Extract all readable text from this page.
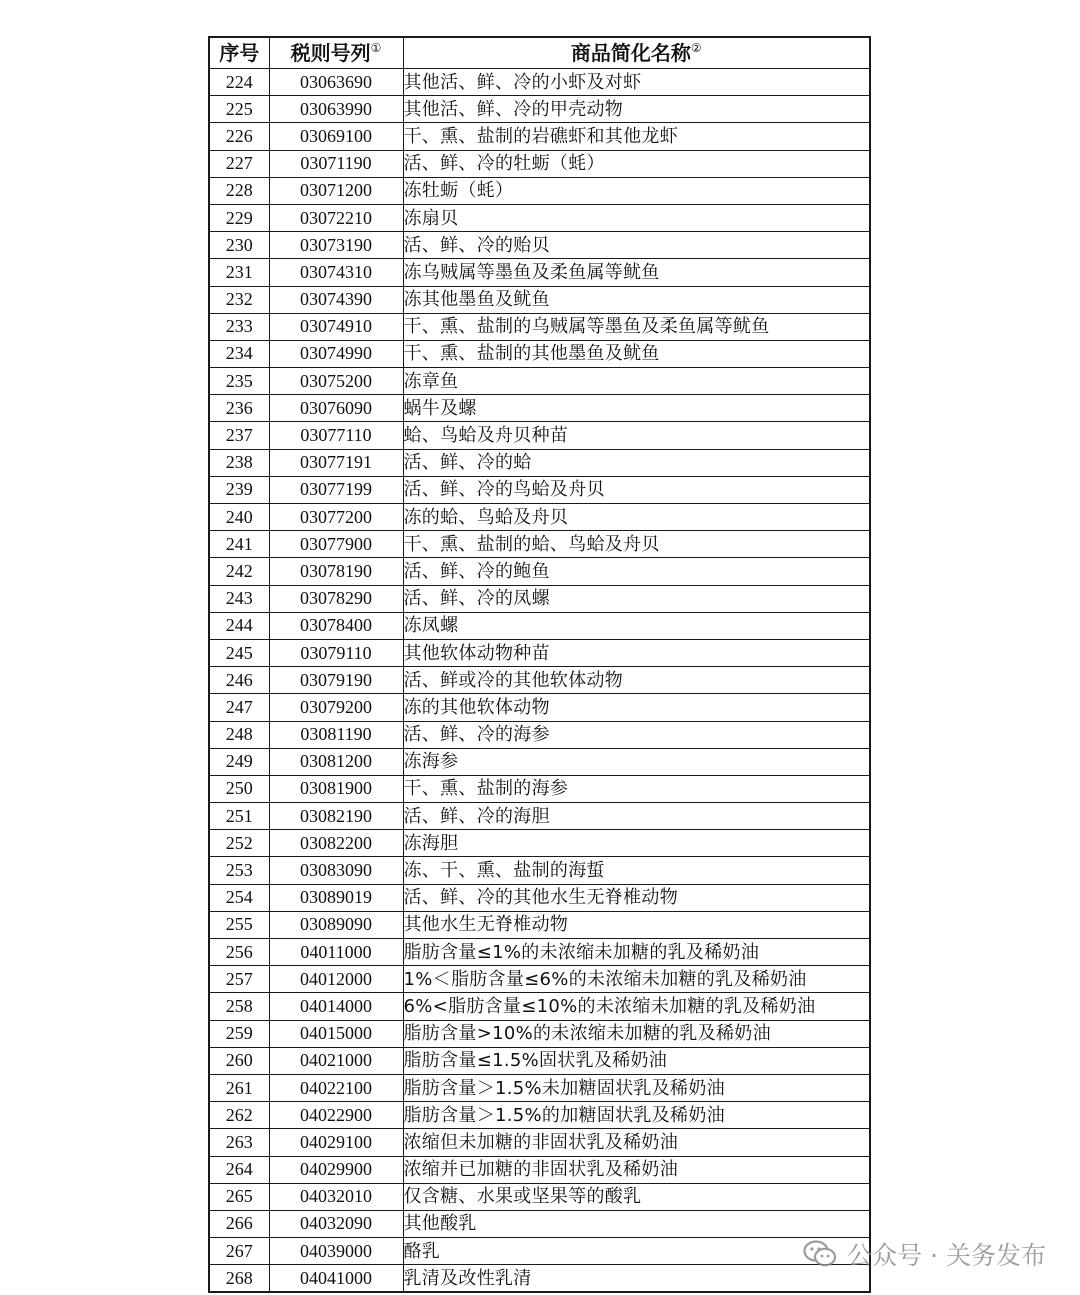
序号	税则号列①	商品简化名称②
224	03063690	其他活、鲜、冷的小虾及对虾
225	03063990	其他活、鲜、冷的甲壳动物
226	03069100	干、熏、盐制的岩礁虾和其他龙虾
227	03071190	活、鲜、冷的牡蛎（蚝）
228	03071200	冻牡蛎（蚝）
229	03072210	冻扇贝
230	03073190	活、鲜、冷的贻贝
231	03074310	冻乌贼属等墨鱼及柔鱼属等鱿鱼
232	03074390	冻其他墨鱼及鱿鱼
233	03074910	干、熏、盐制的乌贼属等墨鱼及柔鱼属等鱿鱼
234	03074990	干、熏、盐制的其他墨鱼及鱿鱼
235	03075200	冻章鱼
236	03076090	蜗牛及螺
237	03077110	蛤、鸟蛤及舟贝种苗
238	03077191	活、鲜、冷的蛤
239	03077199	活、鲜、冷的鸟蛤及舟贝
240	03077200	冻的蛤、鸟蛤及舟贝
241	03077900	干、熏、盐制的蛤、鸟蛤及舟贝
242	03078190	活、鲜、冷的鲍鱼
243	03078290	活、鲜、冷的凤螺
244	03078400	冻凤螺
245	03079110	其他软体动物种苗
246	03079190	活、鲜或冷的其他软体动物
247	03079200	冻的其他软体动物
248	03081190	活、鲜、冷的海参
249	03081200	冻海参
250	03081900	干、熏、盐制的海参
251	03082190	活、鲜、冷的海胆
252	03082200	冻海胆
253	03083090	冻、干、熏、盐制的海蜇
254	03089019	活、鲜、冷的其他水生无脊椎动物
255	03089090	其他水生无脊椎动物
256	04011000	脂肪含量≤1%的未浓缩未加糖的乳及稀奶油
257	04012000	1%＜脂肪含量≤6%的未浓缩未加糖的乳及稀奶油
258	04014000	6%<脂肪含量≤10%的未浓缩未加糖的乳及稀奶油
259	04015000	脂肪含量>10%的未浓缩未加糖的乳及稀奶油
260	04021000	脂肪含量≤1.5%固状乳及稀奶油
261	04022100	脂肪含量＞1.5%未加糖固状乳及稀奶油
262	04022900	脂肪含量＞1.5%的加糖固状乳及稀奶油
263	04029100	浓缩但未加糖的非固状乳及稀奶油
264	04029900	浓缩并已加糖的非固状乳及稀奶油
265	04032010	仅含糖、水果或坚果等的酸乳
266	04032090	其他酸乳
267	04039000	酪乳
268	04041000	乳清及改性乳清
公众号 · 关务发布
